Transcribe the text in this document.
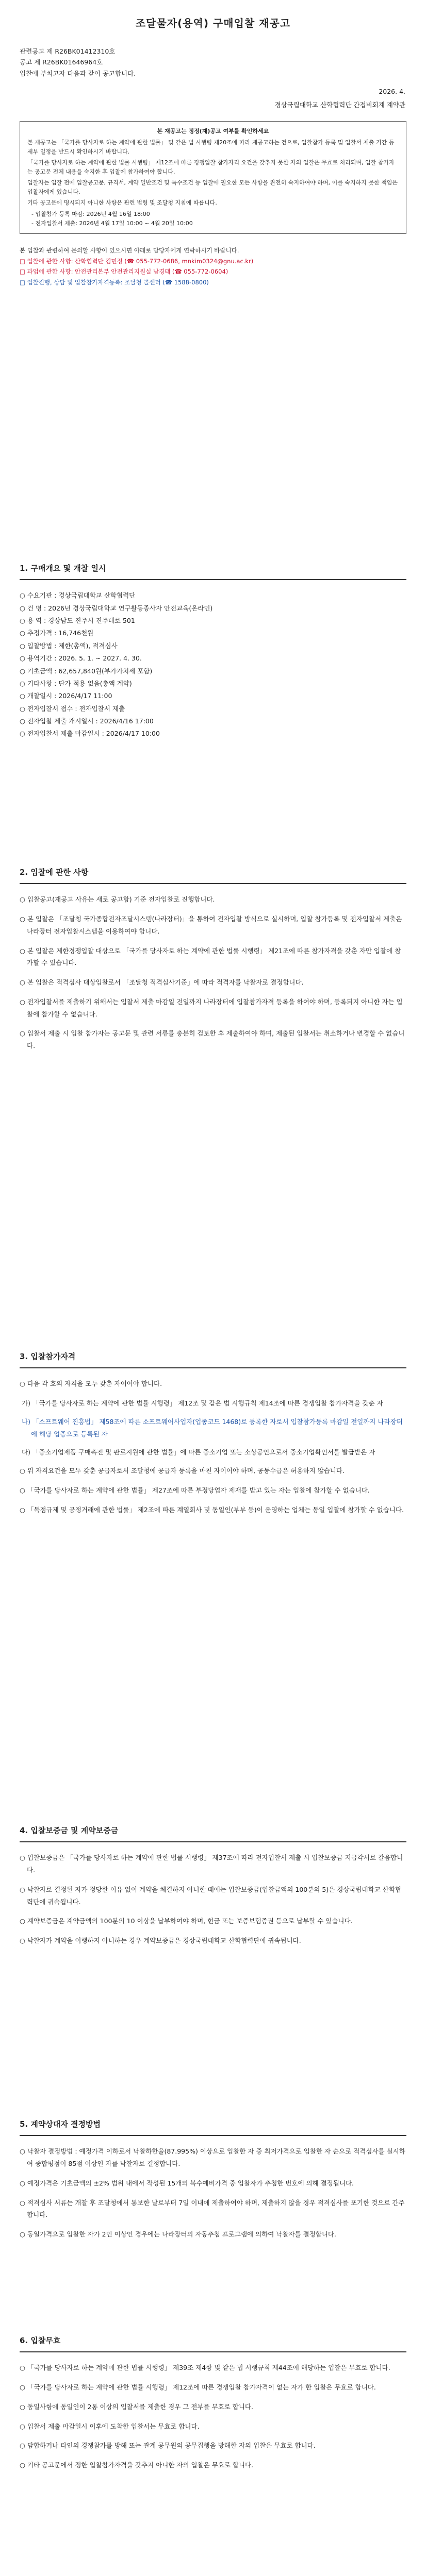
조달물자(용역) 구매입찰 재공고
관련공고 제 R26BK01412310호
공고 제 R26BK01646964호
입찰에 부치고자 다음과 같이 공고합니다.
2026. 4.
경상국립대학교 산학협력단 간접비회계 계약관
본 재공고는 정정(재)공고 여부를 확인하세요

본 재공고는 「국가를 당사자로 하는 계약에 관한 법률」 및 같은 법 시행령 제20조에 따라 재공고하는 건으로, 입찰참가 등록 및 입찰서 제출 기간 등 세부 일정을 반드시 확인하시기 바랍니다.

「국가를 당사자로 하는 계약에 관한 법률 시행령」 제12조에 따른 경쟁입찰 참가자격 요건을 갖추지 못한 자의 입찰은 무효로 처리되며, 입찰 참가자는 공고문 전체 내용을 숙지한 후 입찰에 참가하여야 합니다.

입찰자는 입찰 전에 입찰공고문, 규격서, 계약 일반조건 및 특수조건 등 입찰에 필요한 모든 사항을 완전히 숙지하여야 하며, 이를 숙지하지 못한 책임은 입찰자에게 있습니다.

기타 공고문에 명시되지 아니한 사항은 관련 법령 및 조달청 지침에 따릅니다.

- 입찰참가 등록 마감: 2026년 4월 16일 18:00
- 전자입찰서 제출: 2026년 4월 17일 10:00 ~ 4월 20일 10:00
본 입찰과 관련하여 문의할 사항이 있으시면 아래로 담당자에게 연락하시기 바랍니다.
□ 입찰에 관한 사항: 산학협력단 김민정 (☎ 055-772-0686, mnkim0324@gnu.ac.kr)
□ 과업에 관한 사항: 안전관리본부 안전관리지원실 남경태 (☎ 055-772-0604)
□ 입찰진행, 상담 및 입찰참가자격등록: 조달청 콜센터 (☎ 1588-0800)
1. 구매개요 및 개찰 일시
○ 수요기관 : 경상국립대학교 산학협력단
○ 건 명 : 2026년 경상국립대학교 연구활동종사자 안전교육(온라인)
○ 용 역 : 경상남도 진주시 진주대로 501
○ 추정가격 : 16,746천원
○ 입찰방법 : 제한(총액), 적격심사
○ 용역기간 : 2026. 5. 1. ~ 2027. 4. 30.
○ 기초금액 : 62,657,840원(부가가치세 포함)
○ 기타사항 : 단가 적용 없음(총액 계약)
○ 개찰일시 : 2026/4/17 11:00
○ 전자입찰서 접수 : 전자입찰서 제출
○ 전자입찰 제출 개시일시 : 2026/4/16 17:00
○ 전자입찰서 제출 마감일시 : 2026/4/17 10:00
2. 입찰에 관한 사항

○ 입찰공고(재공고 사유는 새로 공고함) 기준 전자입찰로 진행합니다.

○ 본 입찰은 「조달청 국가종합전자조달시스템(나라장터)」을 통하여 전자입찰 방식으로 실시하며, 입찰 참가등록 및 전자입찰서 제출은 나라장터 전자입찰시스템을 이용하여야 합니다.

○ 본 입찰은 제한경쟁입찰 대상으로 「국가를 당사자로 하는 계약에 관한 법률 시행령」 제21조에 따른 참가자격을 갖춘 자만 입찰에 참가할 수 있습니다.

○ 본 입찰은 적격심사 대상입찰로서 「조달청 적격심사기준」에 따라 적격자를 낙찰자로 결정합니다.

○ 전자입찰서를 제출하기 위해서는 입찰서 제출 마감일 전일까지 나라장터에 입찰참가자격 등록을 하여야 하며, 등록되지 아니한 자는 입찰에 참가할 수 없습니다.

○ 입찰서 제출 시 입찰 참가자는 공고문 및 관련 서류를 충분히 검토한 후 제출하여야 하며, 제출된 입찰서는 취소하거나 변경할 수 없습니다.

3. 입찰참가자격

○ 다음 각 호의 자격을 모두 갖춘 자이어야 합니다.

가) 「국가를 당사자로 하는 계약에 관한 법률 시행령」 제12조 및 같은 법 시행규칙 제14조에 따른 경쟁입찰 참가자격을 갖춘 자

나) 「소프트웨어 진흥법」 제58조에 따른 소프트웨어사업자(업종코드 1468)로 등록한 자로서 입찰참가등록 마감일 전일까지 나라장터에 해당 업종으로 등록된 자

다) 「중소기업제품 구매촉진 및 판로지원에 관한 법률」에 따른 중소기업 또는 소상공인으로서 중소기업확인서를 발급받은 자

○ 위 자격요건을 모두 갖춘 공급자로서 조달청에 공급자 등록을 마친 자이어야 하며, 공동수급은 허용하지 않습니다.

○ 「국가를 당사자로 하는 계약에 관한 법률」 제27조에 따른 부정당업자 제재를 받고 있는 자는 입찰에 참가할 수 없습니다.

○ 「독점규제 및 공정거래에 관한 법률」 제2조에 따른 계열회사 및 동일인(부부 등)이 운영하는 업체는 동일 입찰에 참가할 수 없습니다.

4. 입찰보증금 및 계약보증금

○ 입찰보증금은 「국가를 당사자로 하는 계약에 관한 법률 시행령」 제37조에 따라 전자입찰서 제출 시 입찰보증금 지급각서로 갈음합니다.

○ 낙찰자로 결정된 자가 정당한 이유 없이 계약을 체결하지 아니한 때에는 입찰보증금(입찰금액의 100분의 5)은 경상국립대학교 산학협력단에 귀속됩니다.

○ 계약보증금은 계약금액의 100분의 10 이상을 납부하여야 하며, 현금 또는 보증보험증권 등으로 납부할 수 있습니다.

○ 낙찰자가 계약을 이행하지 아니하는 경우 계약보증금은 경상국립대학교 산학협력단에 귀속됩니다.

5. 계약상대자 결정방법

○ 낙찰자 결정방법 : 예정가격 이하로서 낙찰하한율(87.995%) 이상으로 입찰한 자 중 최저가격으로 입찰한 자 순으로 적격심사를 실시하여 종합평점이 85점 이상인 자를 낙찰자로 결정합니다.

○ 예정가격은 기초금액의 ±2% 범위 내에서 작성된 15개의 복수예비가격 중 입찰자가 추첨한 번호에 의해 결정됩니다.

○ 적격심사 서류는 개찰 후 조달청에서 통보한 날로부터 7일 이내에 제출하여야 하며, 제출하지 않을 경우 적격심사를 포기한 것으로 간주합니다.

○ 동일가격으로 입찰한 자가 2인 이상인 경우에는 나라장터의 자동추첨 프로그램에 의하여 낙찰자를 결정합니다.

6. 입찰무효

○ 「국가를 당사자로 하는 계약에 관한 법률 시행령」 제39조 제4항 및 같은 법 시행규칙 제44조에 해당하는 입찰은 무효로 합니다.

○ 「국가를 당사자로 하는 계약에 관한 법률 시행령」 제12조에 따른 경쟁입찰 참가자격이 없는 자가 한 입찰은 무효로 합니다.

○ 동일사항에 동일인이 2통 이상의 입찰서를 제출한 경우 그 전부를 무효로 합니다.

○ 입찰서 제출 마감일시 이후에 도착한 입찰서는 무효로 합니다.

○ 담합하거나 타인의 경쟁참가를 방해 또는 관계 공무원의 공무집행을 방해한 자의 입찰은 무효로 합니다.

○ 기타 공고문에서 정한 입찰참가자격을 갖추지 아니한 자의 입찰은 무효로 합니다.
